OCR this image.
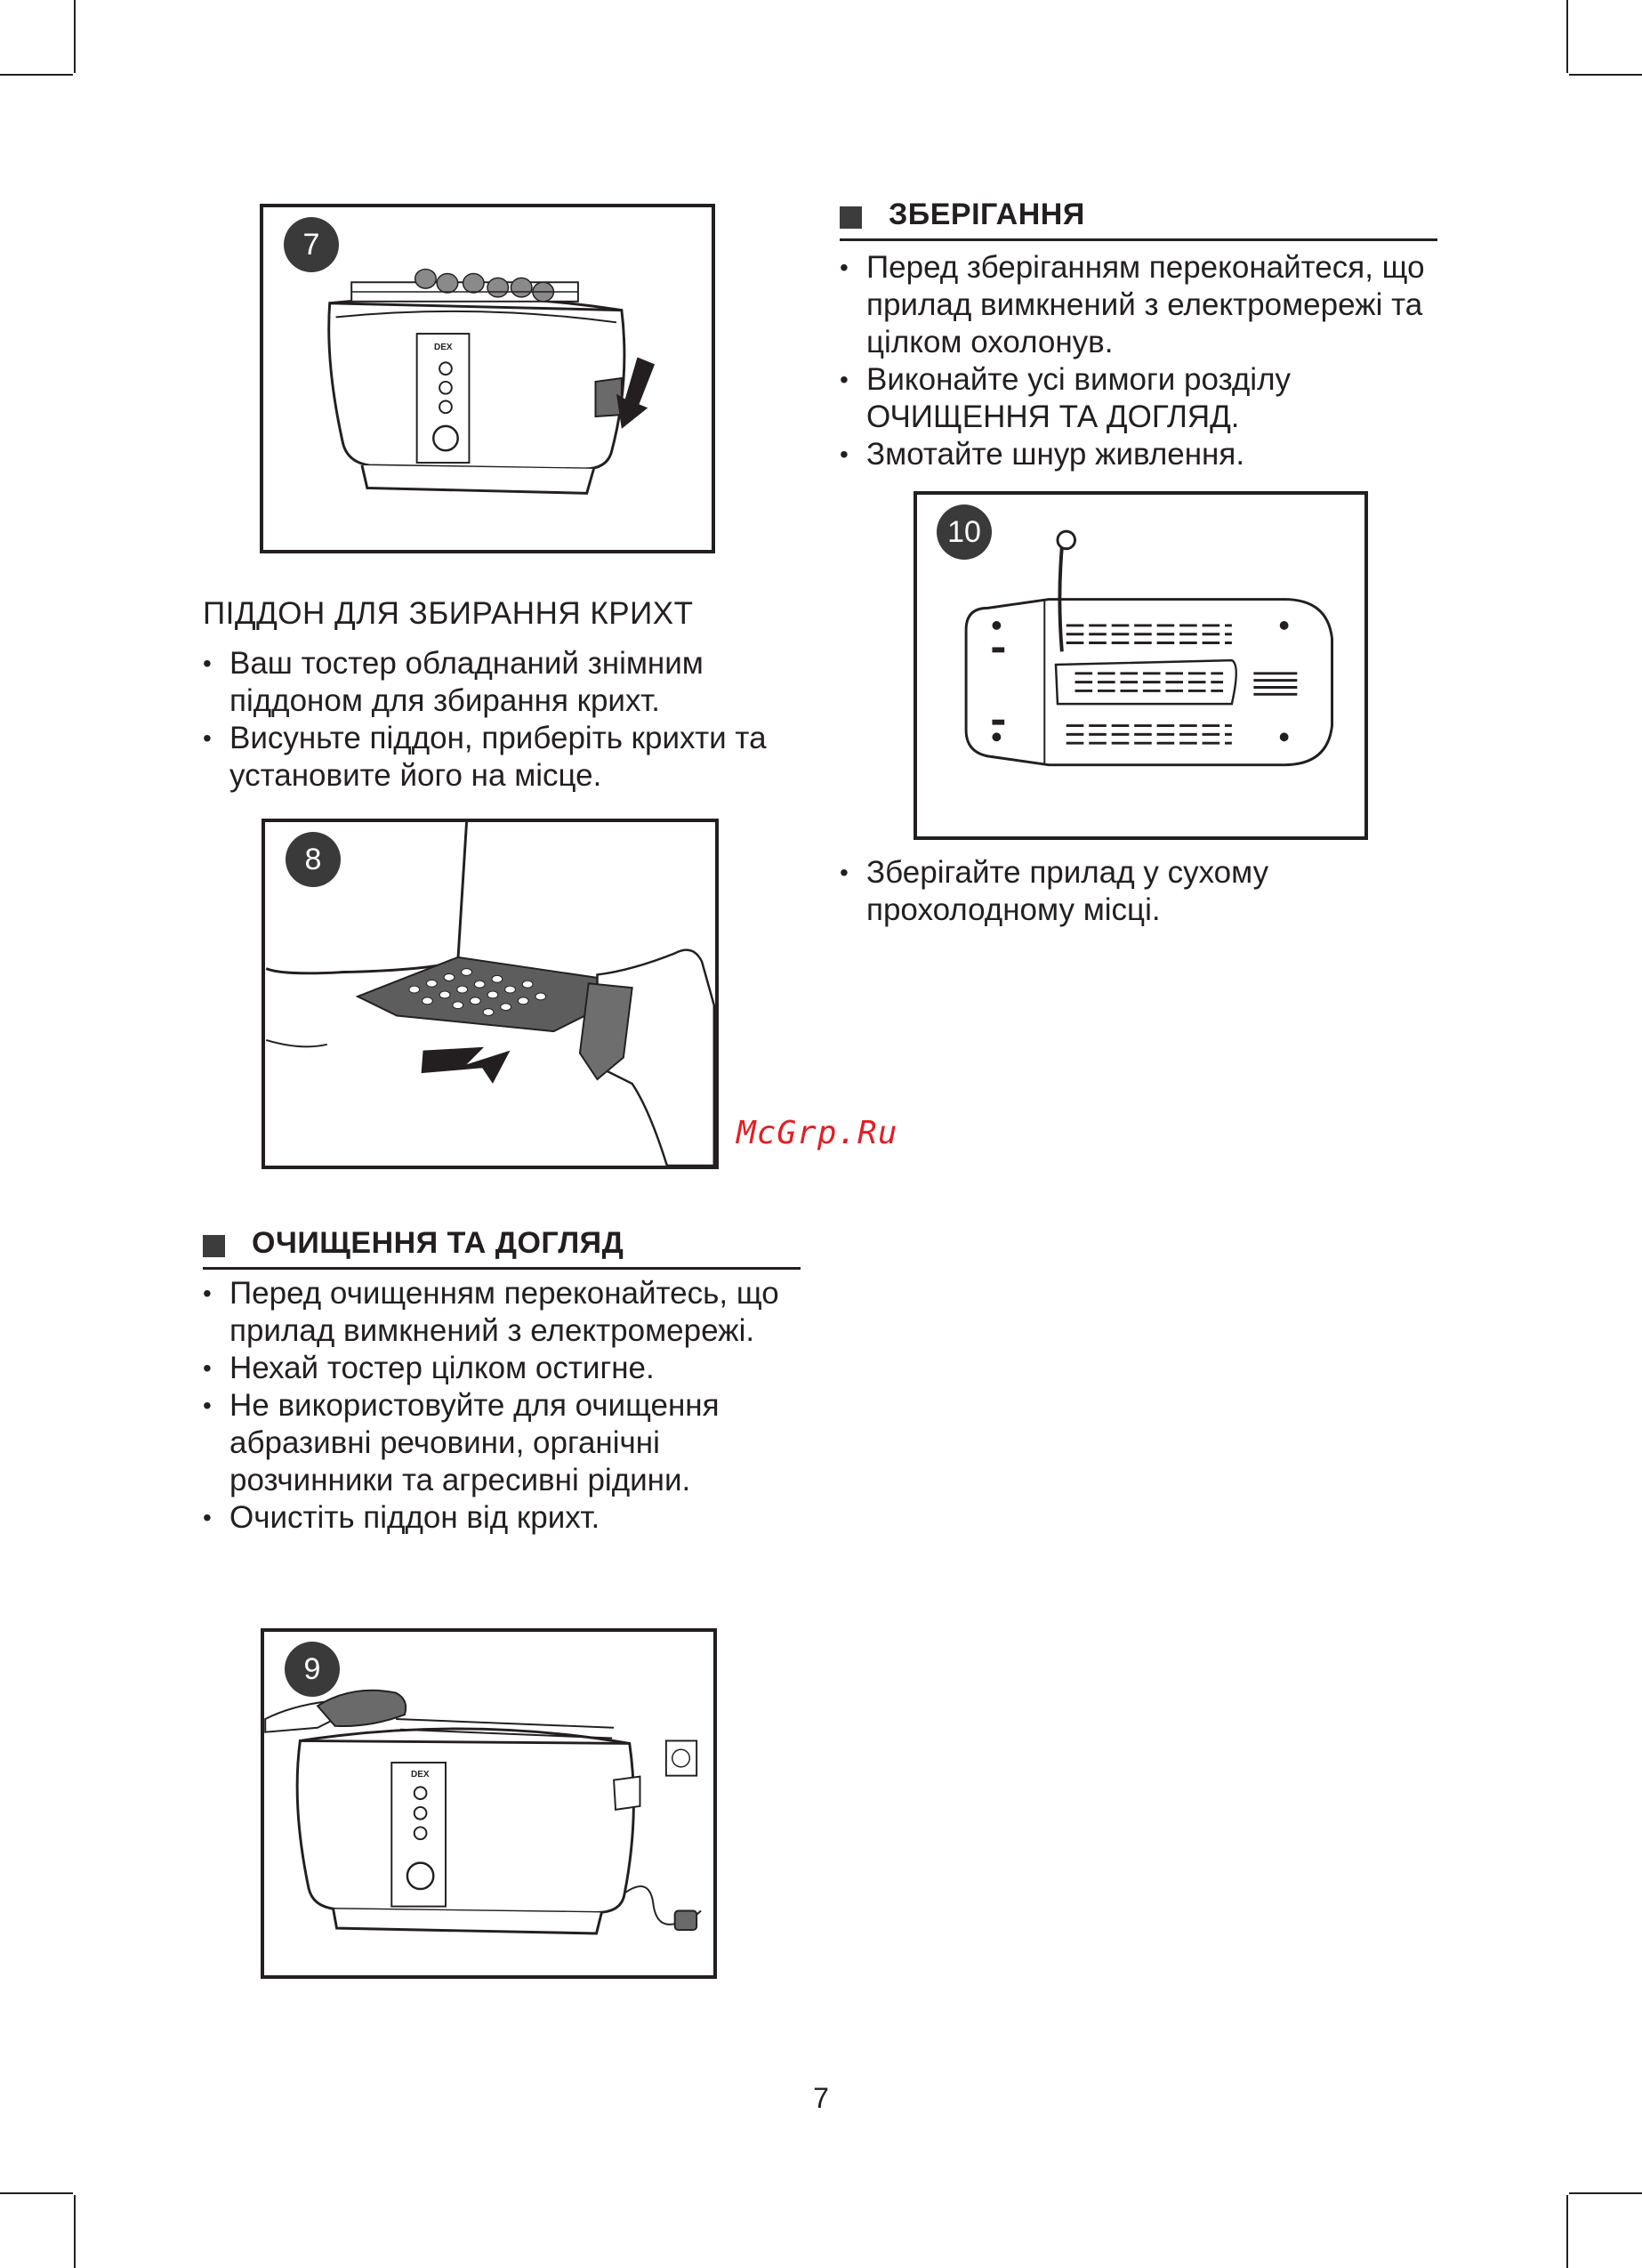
7
DEX
ПІДДОН ДЛЯ ЗБИРАННЯ КРИХТ
• Ваш тостер обладнаний знімним піддоном для збирання крихт.
• Висуньте піддон, приберіть крихти та установите його на місце.
8
ОЧИЩЕННЯ ТА ДОГЛЯД
• Перед очищенням переконайтесь, що прилад вимкнений з електромережі.
• Нехай тостер цілком остигне.
• Не використовуйте для очищення абразивні речовини, органічні розчинники та агресивні рідини.
• Очистіть піддон від крихт.
9
DEX
ЗБЕРІГАННЯ
• Перед зберіганням переконайтеся, що прилад вимкнений з електромережі та цілком охолонув.
• Виконайте усі вимоги розділу ОЧИЩЕННЯ ТА ДОГЛЯД.
• Змотайте шнур живлення.
10
• Зберігайте прилад у сухому прохолодному місці.
McGrp.Ru
7
